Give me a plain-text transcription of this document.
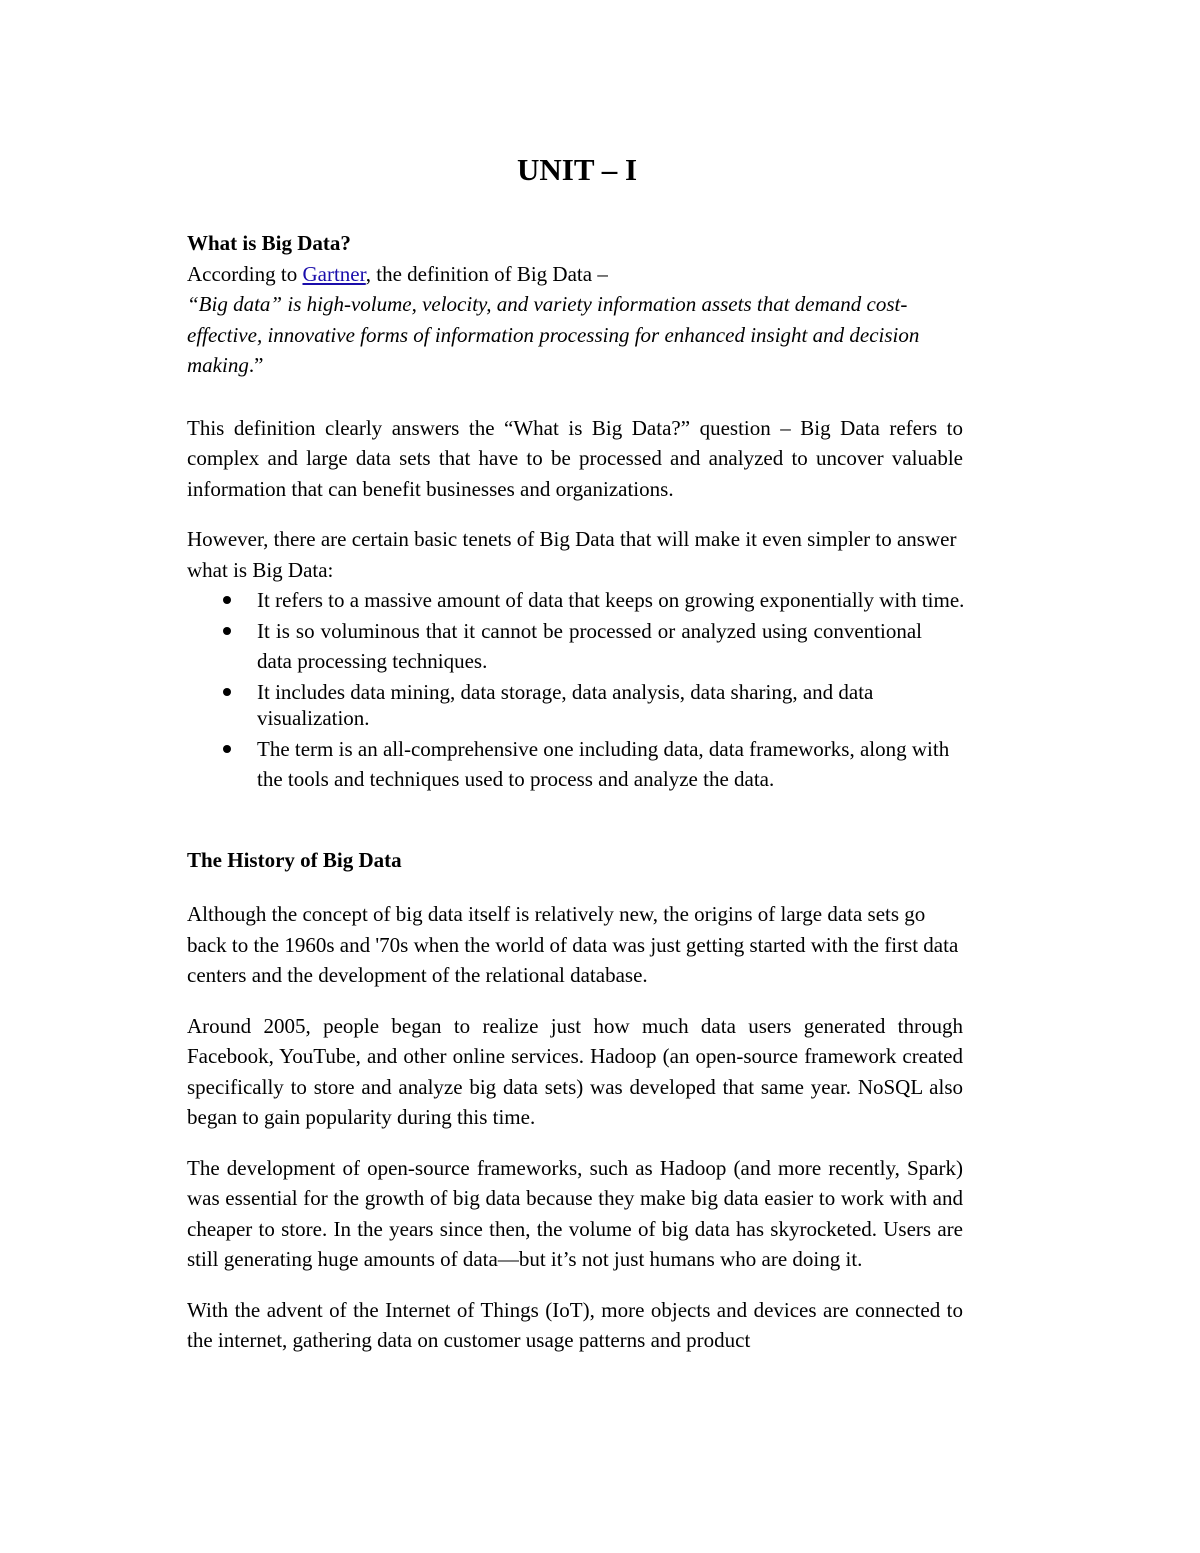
UNIT – I

What is Big Data?

According to Gartner, the definition of Big Data –

“Big data” is high-volume, velocity, and variety information assets that demand cost-effective, innovative forms of information processing for enhanced insight and decision making.”

This definition clearly answers the “What is Big Data?” question – Big Data refers to complex and large data sets that have to be processed and analyzed to uncover valuable information that can benefit businesses and organizations.

However, there are certain basic tenets of Big Data that will make it even simpler to answer what is Big Data:

It refers to a massive amount of data that keeps on growing exponentially with time.
It is so voluminous that it cannot be processed or analyzed using conventional data processing techniques.
It includes data mining, data storage, data analysis, data sharing, and data visualization.
The term is an all-comprehensive one including data, data frameworks, along with the tools and techniques used to process and analyze the data.

The History of Big Data

Although the concept of big data itself is relatively new, the origins of large data sets go back to the 1960s and '70s when the world of data was just getting started with the first data centers and the development of the relational database.

Around 2005, people began to realize just how much data users generated through Facebook, YouTube, and other online services. Hadoop (an open-source framework created specifically to store and analyze big data sets) was developed that same year. NoSQL also began to gain popularity during this time.

The development of open-source frameworks, such as Hadoop (and more recently, Spark) was essential for the growth of big data because they make big data easier to work with and cheaper to store. In the years since then, the volume of big data has skyrocketed. Users are still generating huge amounts of data—but it’s not just humans who are doing it.

With the advent of the Internet of Things (IoT), more objects and devices are connected to the internet, gathering data on customer usage patterns and product
